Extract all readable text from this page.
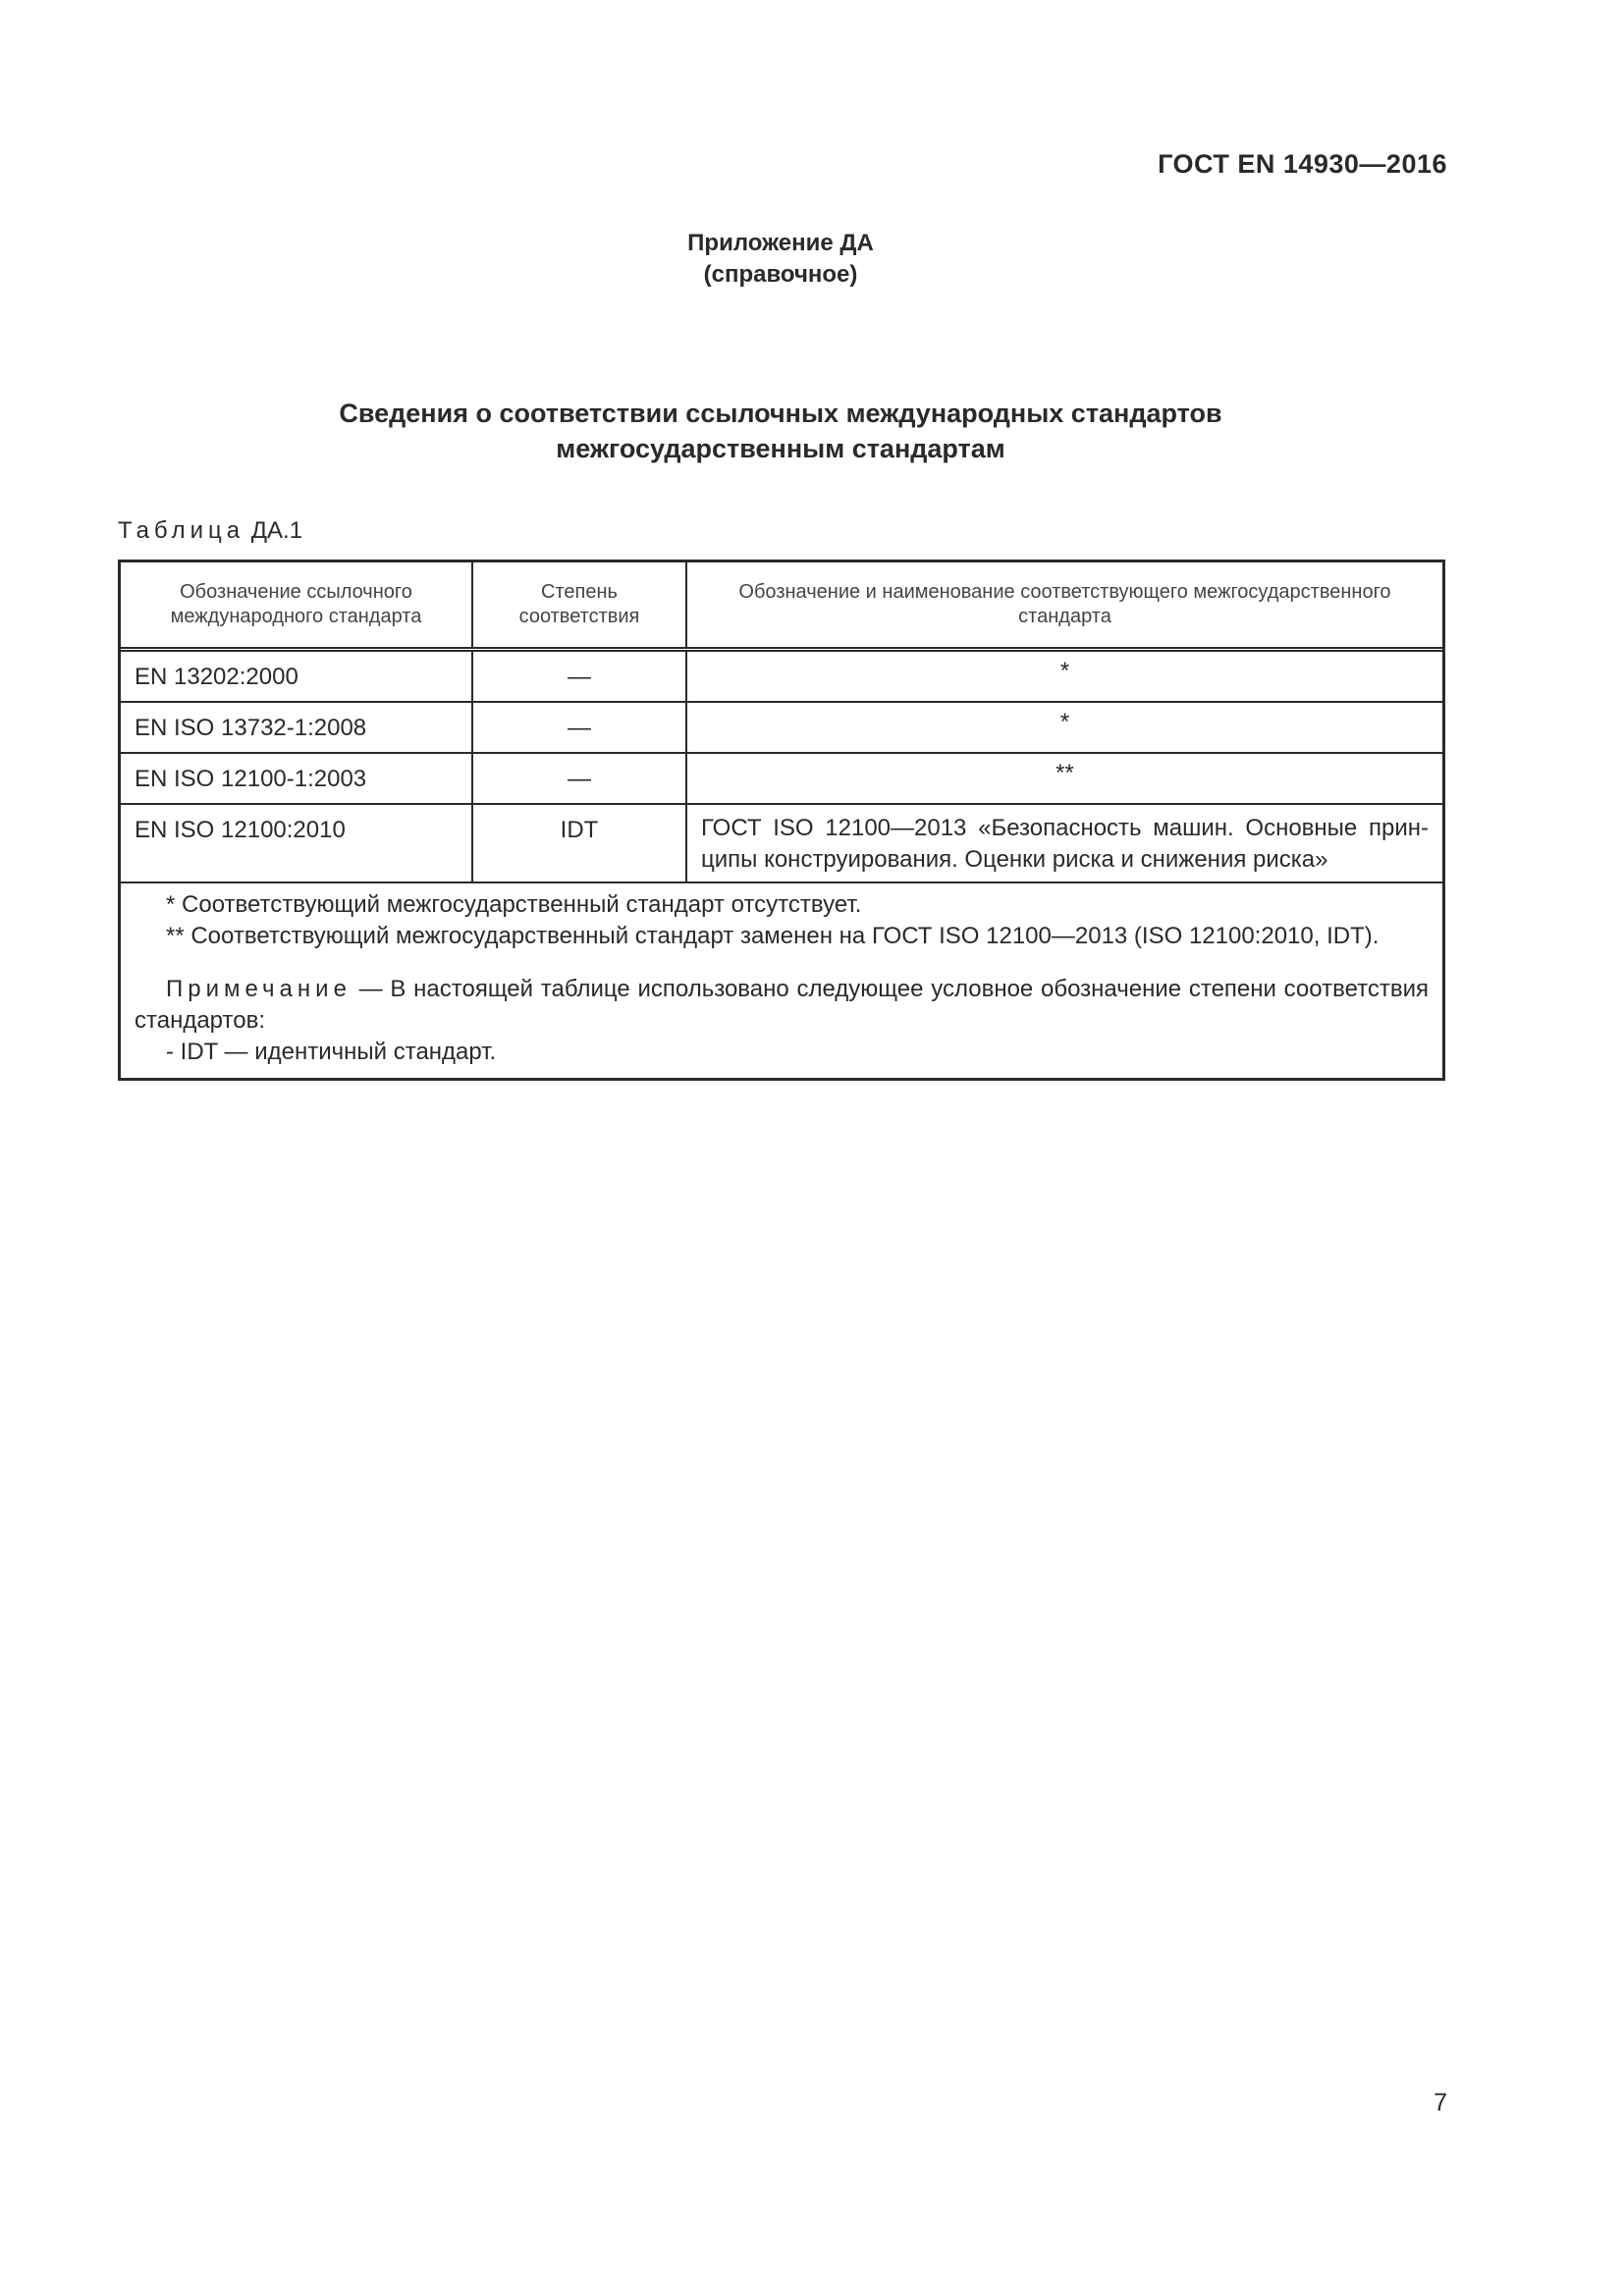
ГОСТ EN 14930—2016
Приложение ДА
(справочное)
Сведения о соответствии ссылочных международных стандартов
межгосударственным стандартам
Таблица ДА.1
Обозначение ссылочного международного стандарта	Степень соответствия	Обозначение и наименование соответствующего межгосударственного стандарта
EN 13202:2000	—	*
EN ISO 13732-1:2008	—	*
EN ISO 12100-1:2003	—	**
EN ISO 12100:2010	IDT	ГОСТ ISO 12100—2013 «Безопасность машин. Основные принципы конструирования. Оценки риска и снижения риска»

* Соответствующий межгосударственный стандарт отсутствует.
** Соответствующий межгосударственный стандарт заменен на ГОСТ ISO 12100—2013 (ISO 12100:2010, IDT).
Примечание — В настоящей таблице использовано следующее условное обозначение степени соответствия стандартов:
- IDT — идентичный стандарт.		
7
